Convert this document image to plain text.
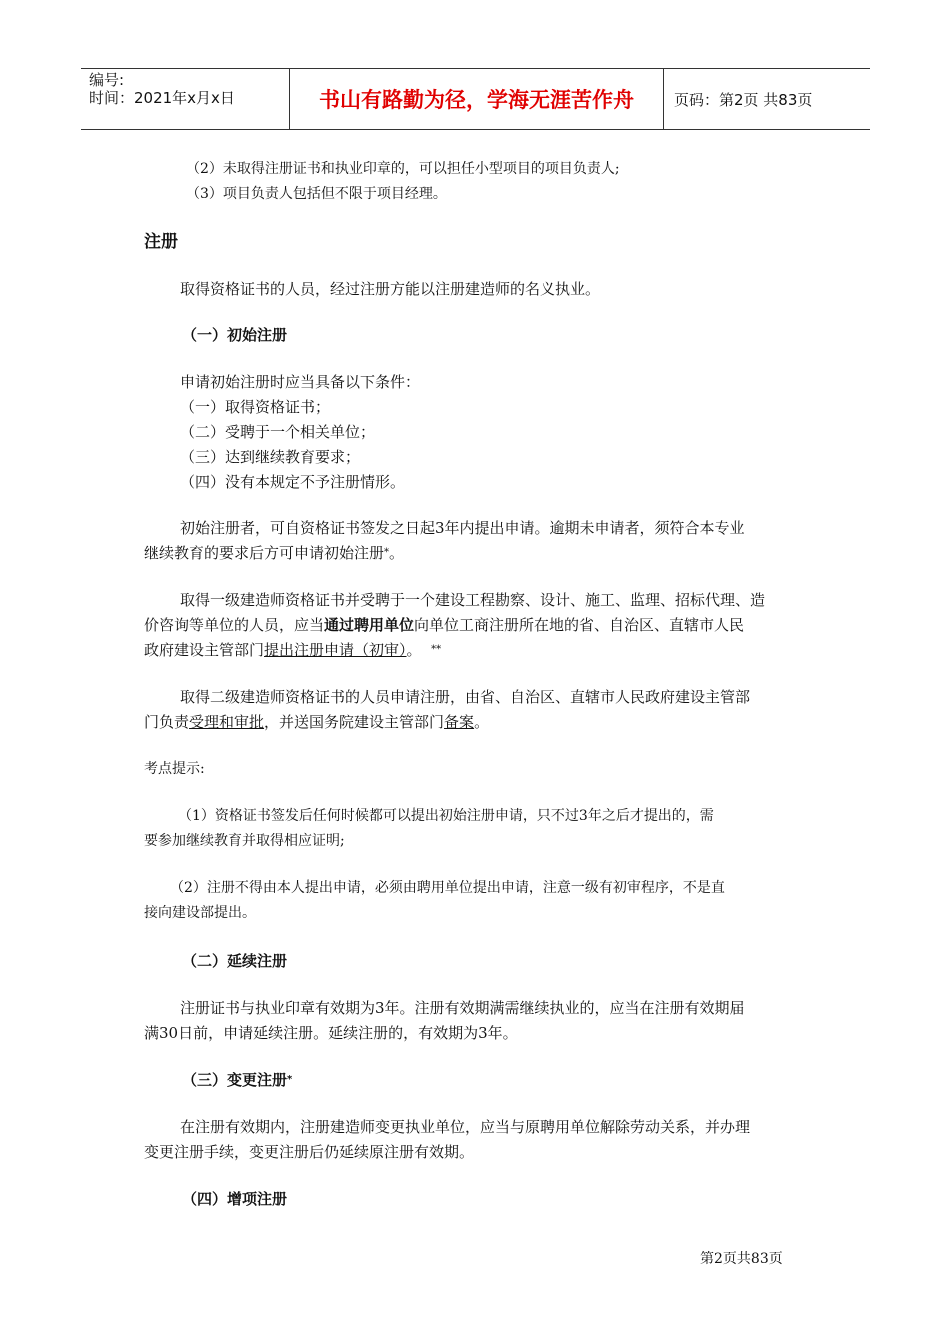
编号:
时间：2021年x月x日	书山有路勤为径，学海无涯苦作舟	页码：第2页 共83页
（2）未取得注册证书和执业印章的，可以担任小型项目的项目负责人;
（3）项目负责人包括但不限于项目经理。
注册
取得资格证书的人员，经过注册方能以注册建造师的名义执业。
（一）初始注册
申请初始注册时应当具备以下条件：
（一）取得资格证书；
（二）受聘于一个相关单位；
（三）达到继续教育要求；
（四）没有本规定不予注册情形。
初始注册者，可自资格证书签发之日起3年内提出申请。逾期未申请者，须符合本专业
继续教育的要求后方可申请初始注册*。
取得一级建造师资格证书并受聘于一个建设工程勘察、设计、施工、监理、招标代理、造
价咨询等单位的人员，应当通过聘用单位向单位工商注册所在地的省、自治区、直辖市人民
政府建设主管部门提出注册申请（初审）。 **
取得二级建造师资格证书的人员申请注册，由省、自治区、直辖市人民政府建设主管部
门负责受理和审批，并送国务院建设主管部门备案。
考点提示:
（1）资格证书签发后任何时候都可以提出初始注册申请，只不过3年之后才提出的，需
要参加继续教育并取得相应证明;
（2）注册不得由本人提出申请，必须由聘用单位提出申请，注意一级有初审程序，不是直
接向建设部提出。
（二）延续注册
注册证书与执业印章有效期为3年。注册有效期满需继续执业的，应当在注册有效期届
满30日前，申请延续注册。延续注册的，有效期为3年。
（三）变更注册*
在注册有效期内，注册建造师变更执业单位，应当与原聘用单位解除劳动关系，并办理
变更注册手续，变更注册后仍延续原注册有效期。
（四）增项注册
第2页共83页
